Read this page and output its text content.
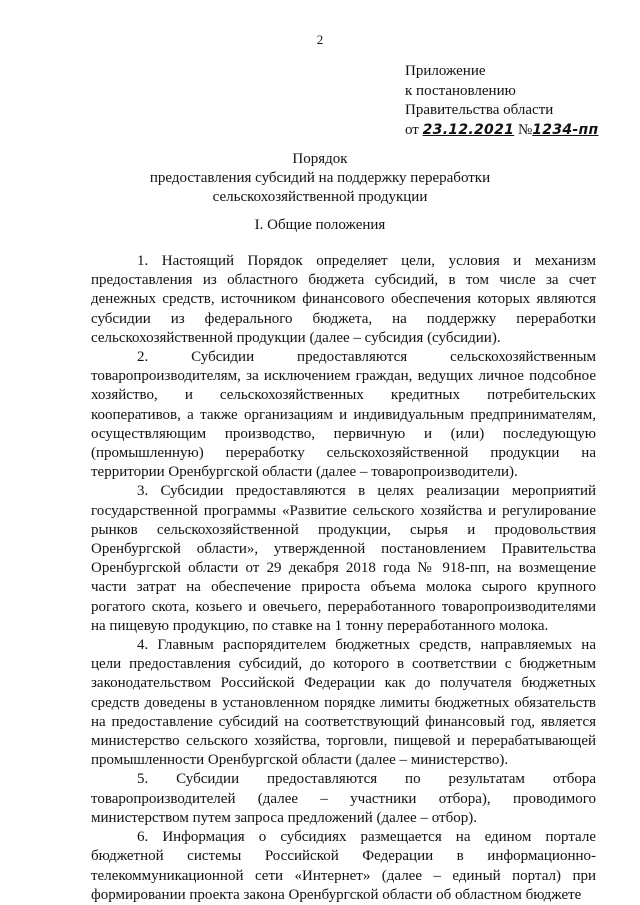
2
Приложение
к постановлению
Правительства области
от 23.12.2021 №1234-пп
Порядок
предоставления субсидий на поддержку переработки
сельскохозяйственной продукции
I. Общие положения

1. Настоящий Порядок определяет цели, условия и механизм предоставления из областного бюджета субсидий, в том числе за счет денежных средств, источником финансового обеспечения которых являются субсидии из федерального бюджета, на поддержку переработки сельскохозяйственной продукции (далее – субсидия (субсидии).

2. Субсидии предоставляются сельскохозяйственным товаропроизводителям, за исключением граждан, ведущих личное подсобное хозяйство, и сельскохозяйственных кредитных потребительских кооперативов, а также организациям и индивидуальным предпринимателям, осуществляющим производство, первичную и (или) последующую (промышленную) переработку сельскохозяйственной продукции на территории Оренбургской области (далее – товаропроизводители).

3. Субсидии предоставляются в целях реализации мероприятий государственной программы «Развитие сельского хозяйства и регулирование рынков сельскохозяйственной продукции, сырья и продовольствия Оренбургской области», утвержденной постановлением Правительства Оренбургской области от 29 декабря 2018 года № 918-пп, на возмещение части затрат на обеспечение прироста объема молока сырого крупного рогатого скота, козьего и овечьего, переработанного товаропроизводителями на пищевую продукцию, по ставке на 1 тонну переработанного молока.

4. Главным распорядителем бюджетных средств, направляемых на цели предоставления субсидий, до которого в соответствии с бюджетным законодательством Российской Федерации как до получателя бюджетных средств доведены в установленном порядке лимиты бюджетных обязательств на предоставление субсидий на соответствующий финансовый год, является министерство сельского хозяйства, торговли, пищевой и перерабатывающей промышленности Оренбургской области (далее – министерство).

5. Субсидии предоставляются по результатам отбора товаропроизводителей (далее – участники отбора), проводимого министерством путем запроса предложений (далее – отбор).

6. Информация о субсидиях размещается на едином портале бюджетной системы Российской Федерации в информационно-телекоммуникационной сети «Интернет» (далее – единый портал) при формировании проекта закона Оренбургской области об областном бюджете
